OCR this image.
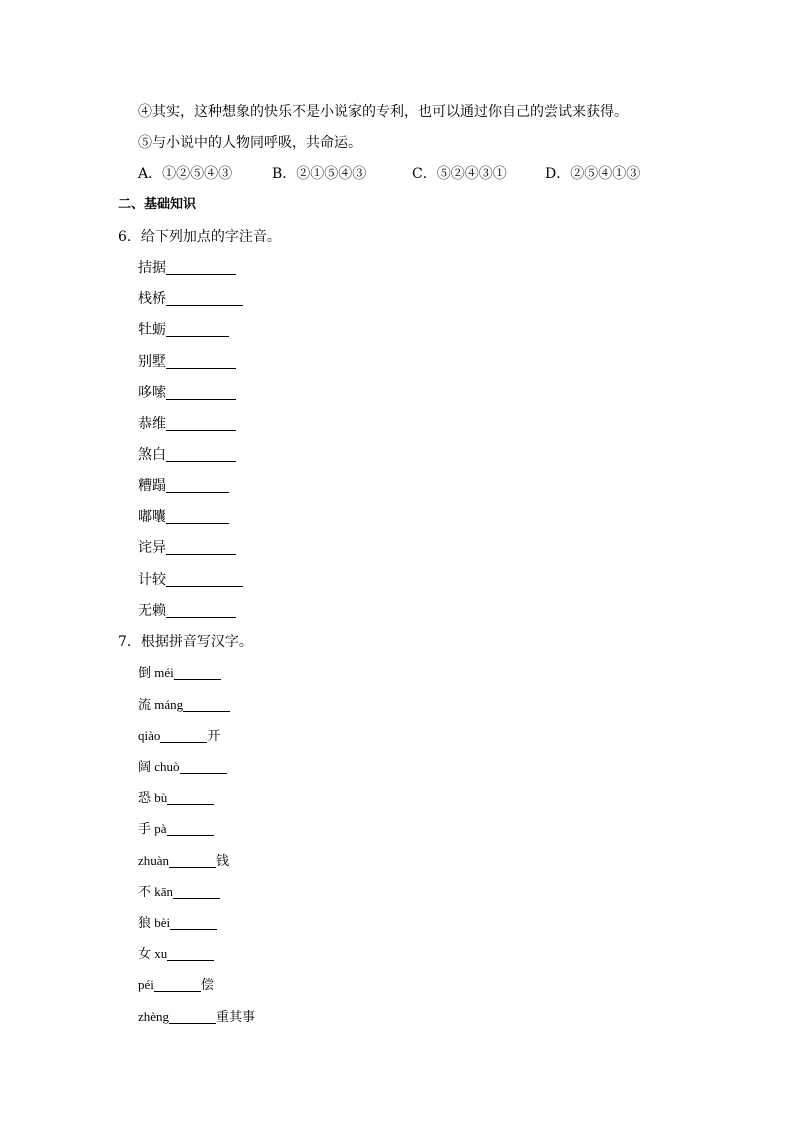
④其实，这种想象的快乐不是小说家的专利，也可以通过你自己的尝试来获得。
⑤与小说中的人物同呼吸，共命运。
A．①②⑤④③	B．②①⑤④③	C．⑤②④③①	D．②⑤④①③
二、基础知识
6．给下列加点的字注音。
拮据
栈桥
牡蛎
别墅
哆嗦
恭维
煞白
糟蹋
嘟囔
诧异
计较
无赖
7．根据拼音写汉字。
倒 méi
流 máng
qiào	开
阔 chuò
恐 bù
手 pà
zhuàn	钱
不 kān
狼 bèi
女 xu
péi	偿
zhèng	重其事
